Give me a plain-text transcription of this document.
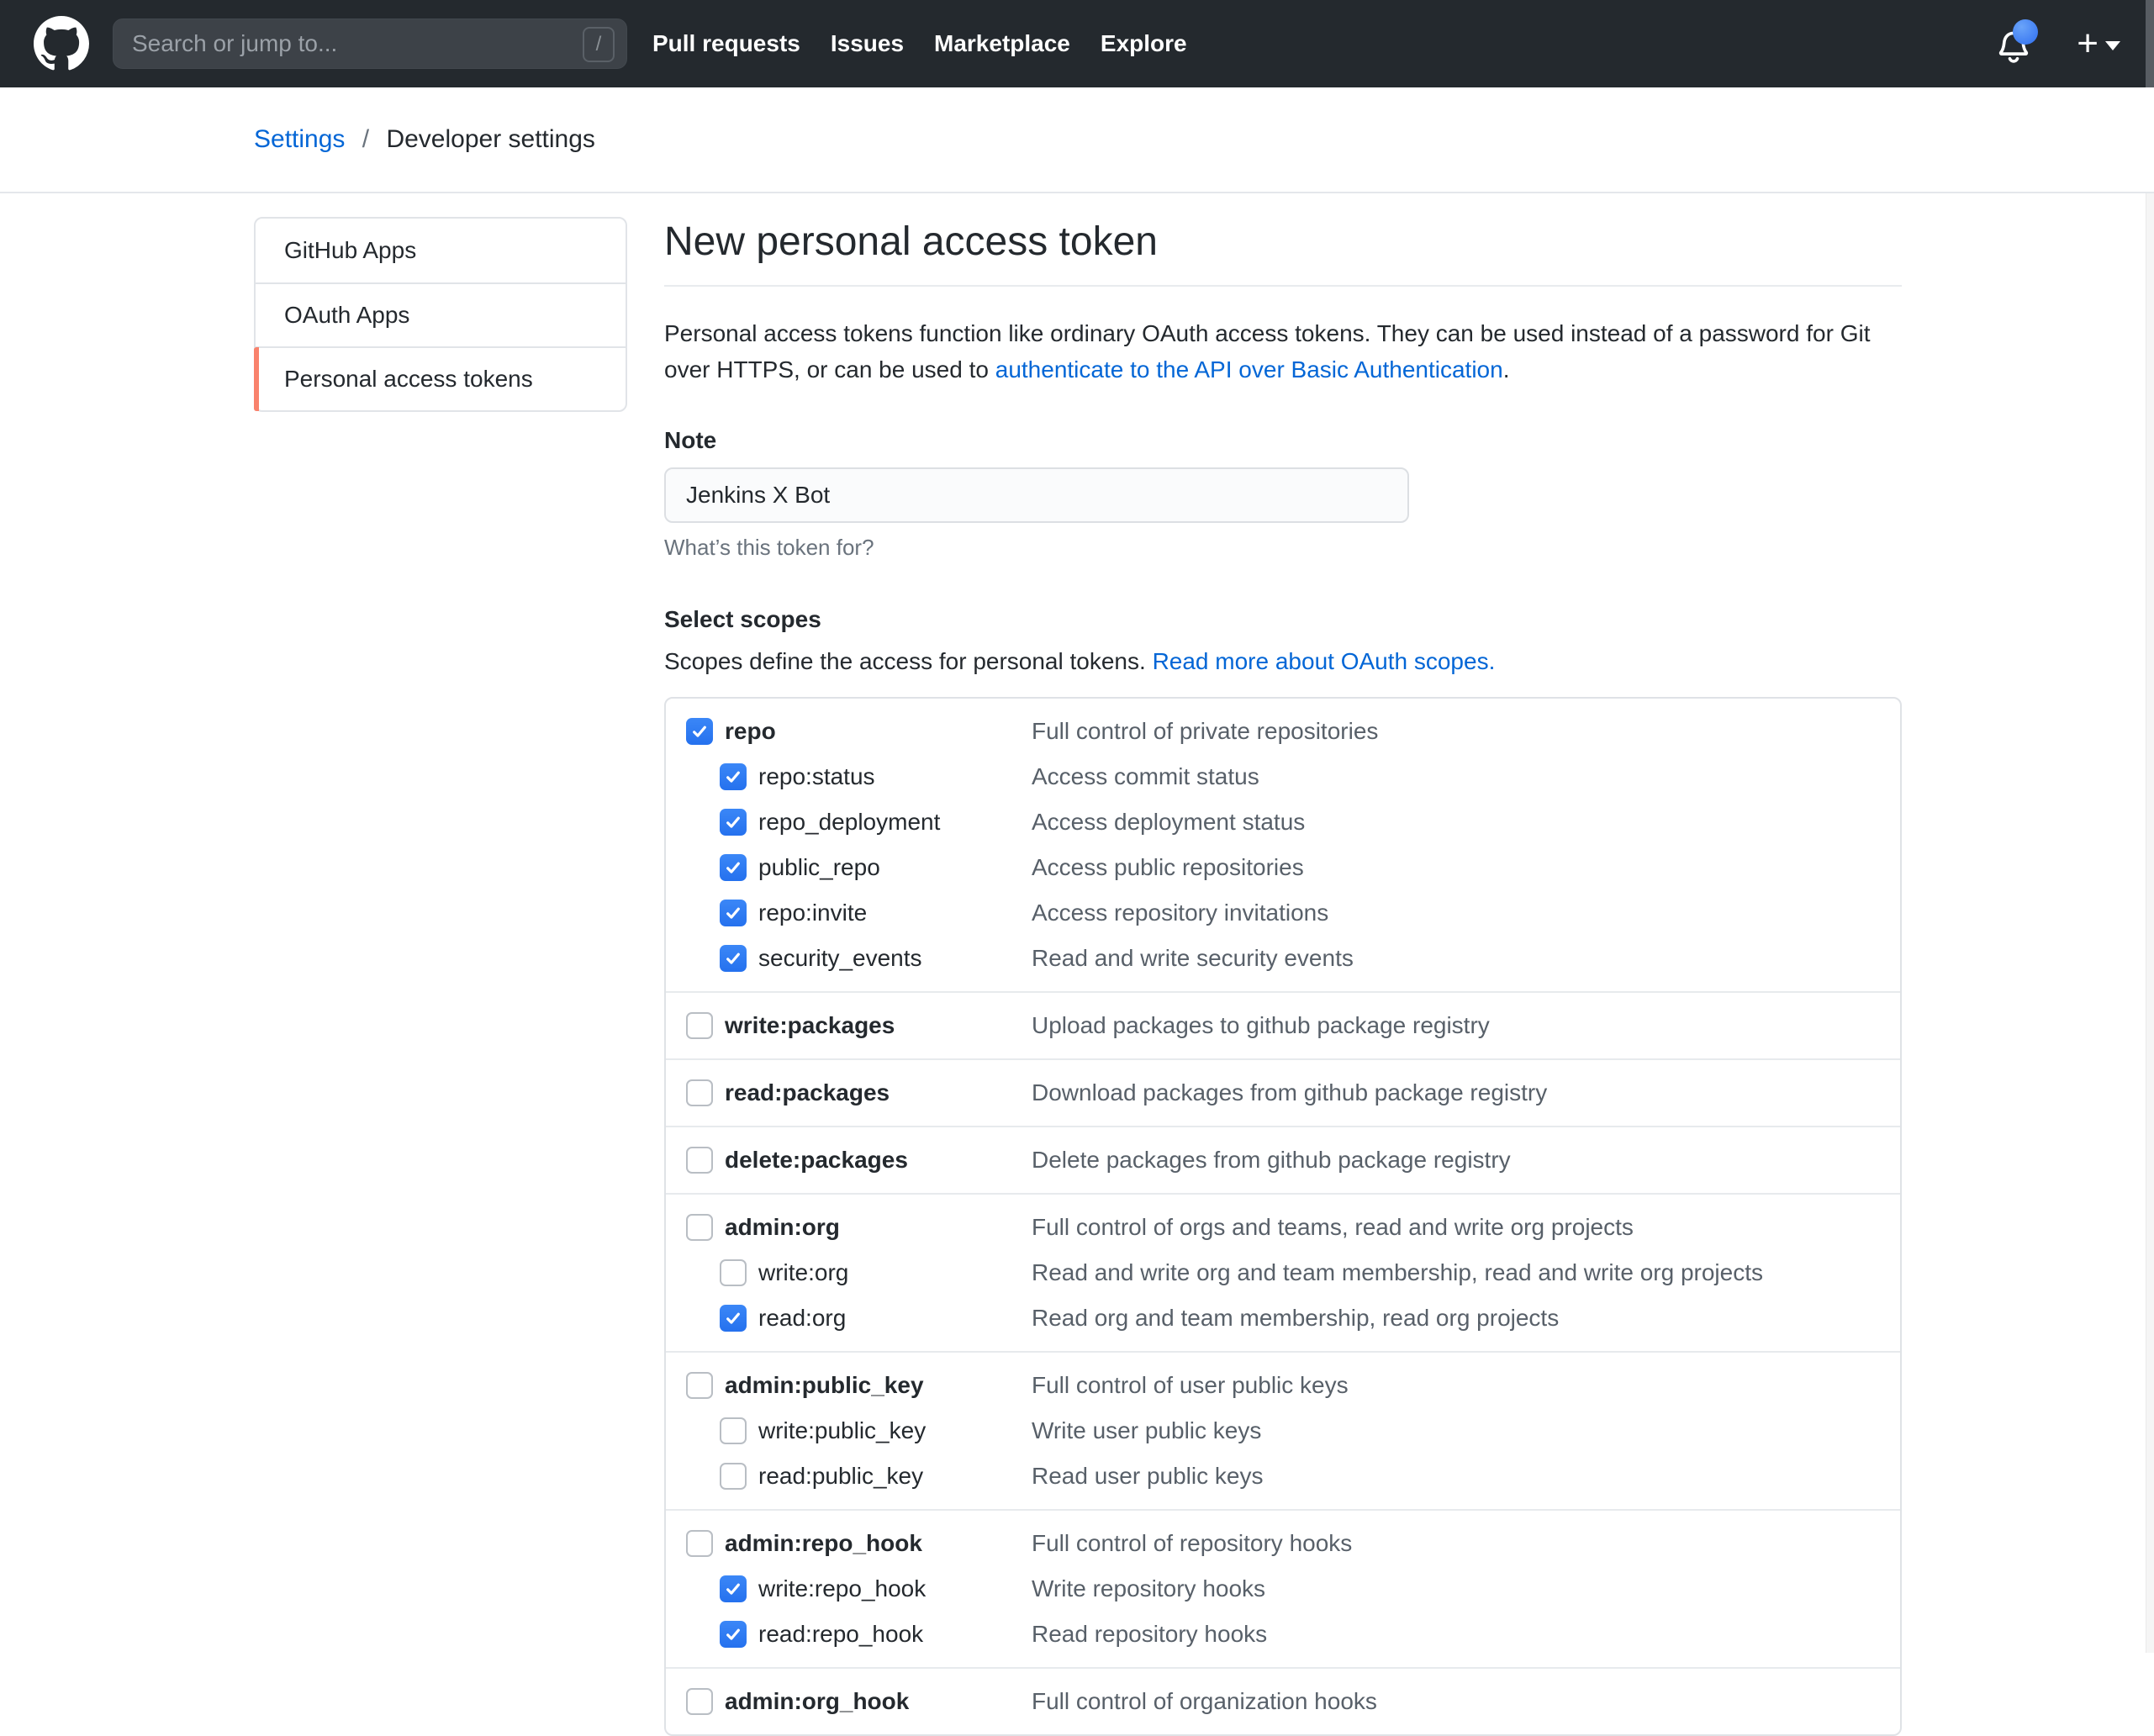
Search or jump to...
/	Pull requests Issues Marketplace Explore	+
Settings / Developer settings
GitHub Apps
OAuth Apps
Personal access tokens
New personal access token

Personal access tokens function like ordinary OAuth access tokens. They can be used instead of a password for Git over HTTPS, or can be used to authenticate to the API over Basic Authentication.

Note
Jenkins X Bot
What’s this token for?
Select scopes

Scopes define the access for personal tokens. Read more about OAuth scopes.

repo	Full control of private repositories
repo:status	Access commit status
repo_deployment	Access deployment status
public_repo	Access public repositories
repo:invite	Access repository invitations
security_events	Read and write security events
write:packages	Upload packages to github package registry
read:packages	Download packages from github package registry
delete:packages	Delete packages from github package registry
admin:org	Full control of orgs and teams, read and write org projects
write:org	Read and write org and team membership, read and write org projects
read:org	Read org and team membership, read org projects
admin:public_key	Full control of user public keys
write:public_key	Write user public keys
read:public_key	Read user public keys
admin:repo_hook	Full control of repository hooks
write:repo_hook	Write repository hooks
read:repo_hook	Read repository hooks
admin:org_hook	Full control of organization hooks
